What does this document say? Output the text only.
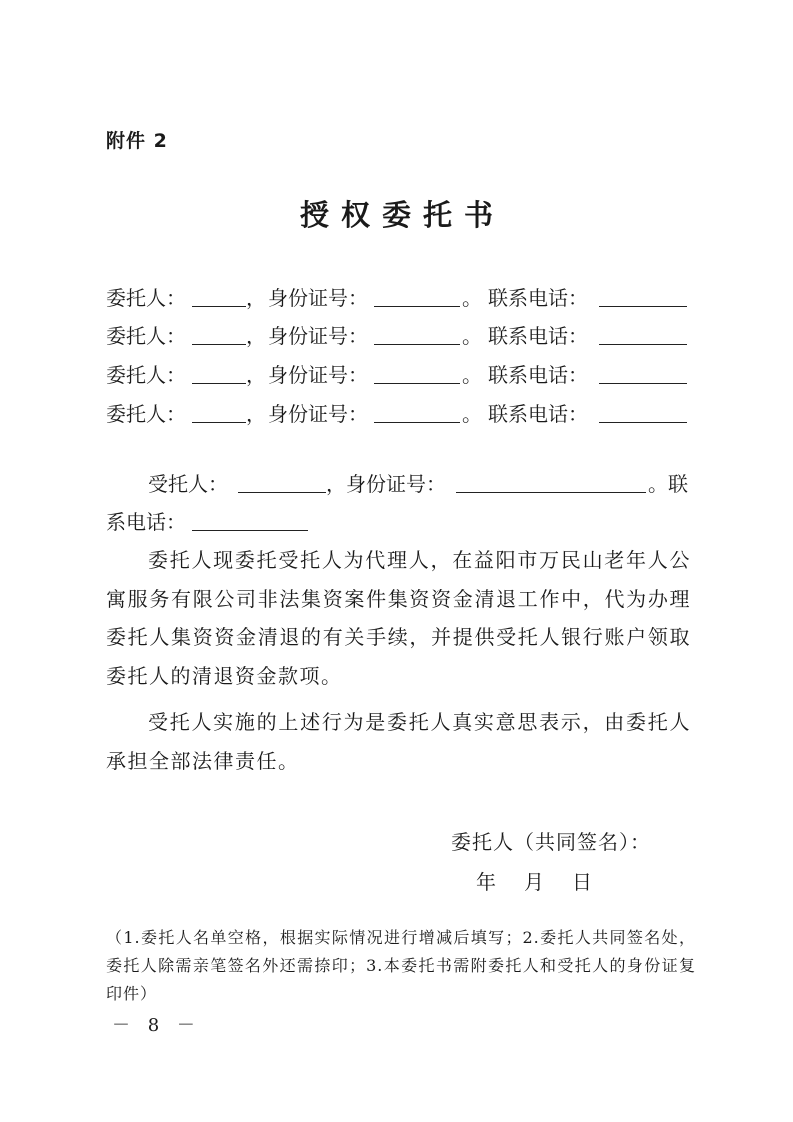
附件 2
授权委托书
委托人：	， 身份证号：	。 联系电话：
委托人：	， 身份证号：	。 联系电话：
委托人：	， 身份证号：	。 联系电话：
委托人：	， 身份证号：	。 联系电话：
受托人：	， 身份证号：	。联
系电话：

委托人现委托受托人为代理人，在益阳市万民山老年人公寓服务有限公司非法集资案件集资资金清退工作中，代为办理委托人集资资金清退的有关手续，并提供受托人银行账户领取委托人的清退资金款项。

受托人实施的上述行为是委托人真实意思表示，由委托人承担全部法律责任。

委托人（共同签名）：
年 月 日

（1.委托人名单空格，根据实际情况进行增减后填写；2.委托人共同签名处，委托人除需亲笔签名外还需捺印；3.本委托书需附委托人和受托人的身份证复印件）

－ 8 －
